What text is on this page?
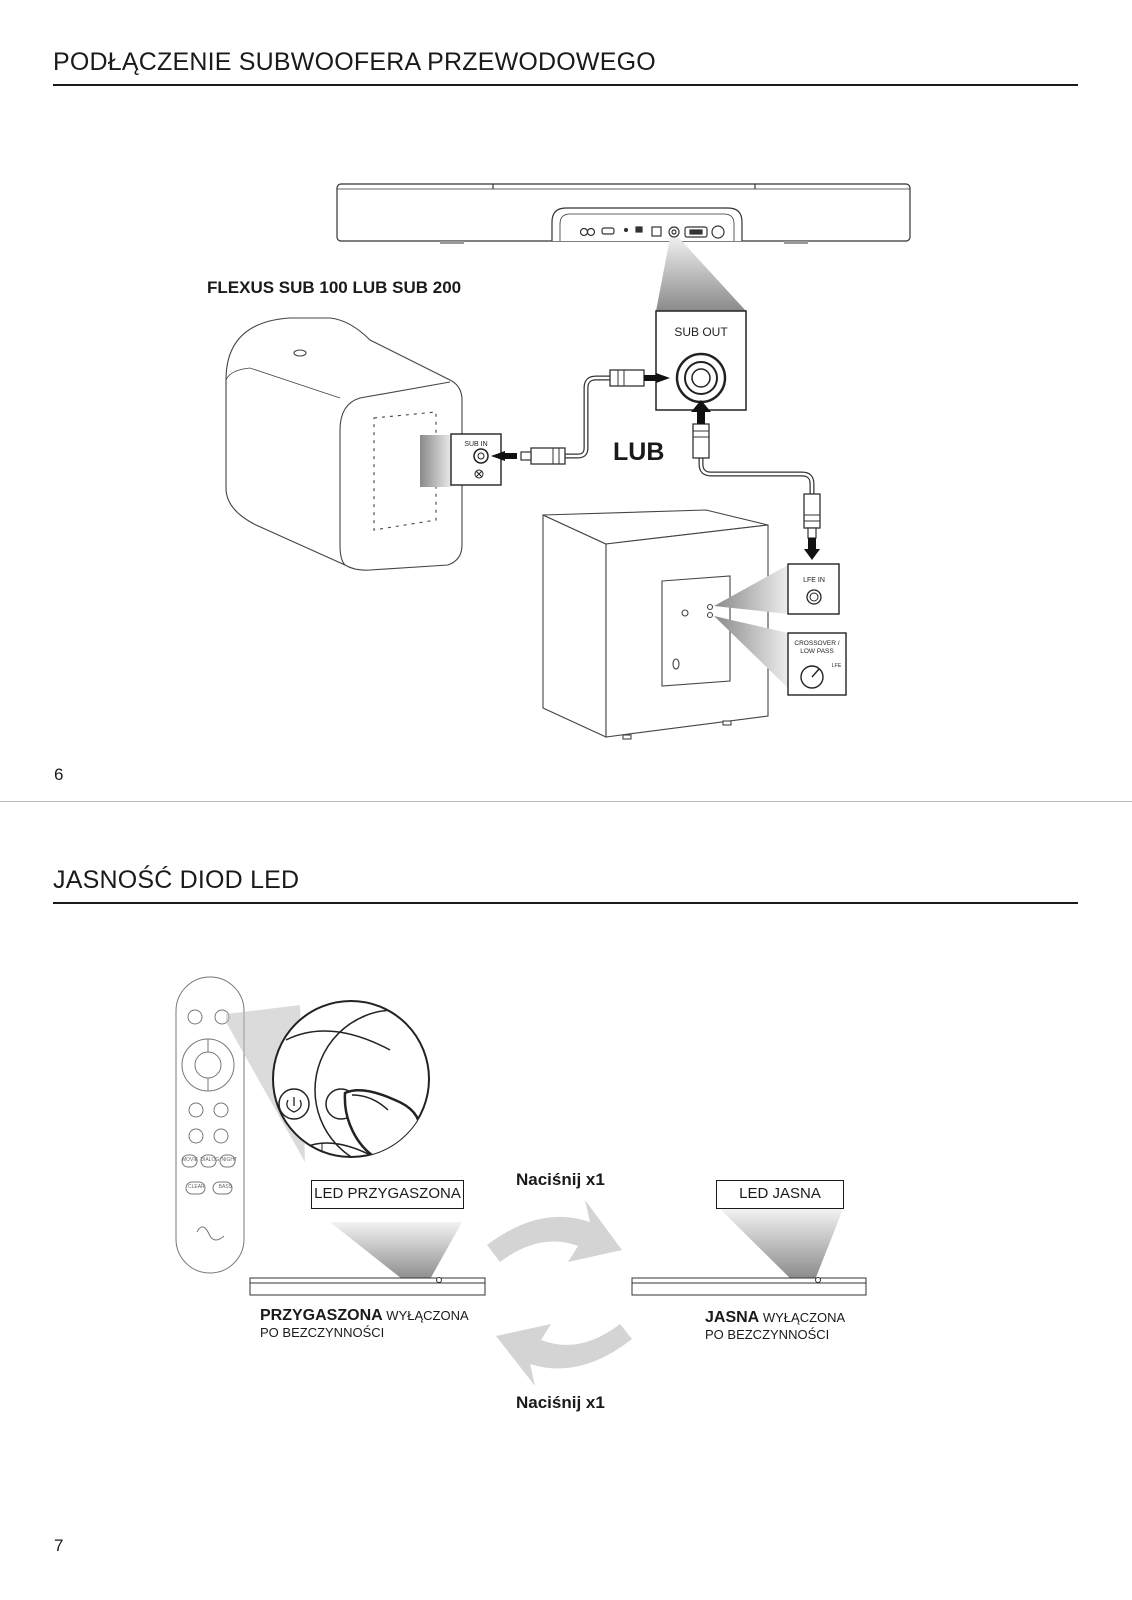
PODŁĄCZENIE SUBWOOFERA PRZEWODOWEGO
SUB OUT
SUB IN
LFE IN
CROSSOVER /
LOW PASS
LFE
FLEXUS SUB 100 LUB SUB 200
LUB
6
JASNOŚĆ DIOD LED
LED PRZYGASZONA	LED JASNA
Naciśnij x1
Naciśnij x1
PRZYGASZONA WYŁĄCZONA
PO BEZCZYNNOŚCI
JASNA WYŁĄCZONA
PO BEZCZYNNOŚCI
MOVIE DIALOG NIGHT
CLEAR	BASS
7
